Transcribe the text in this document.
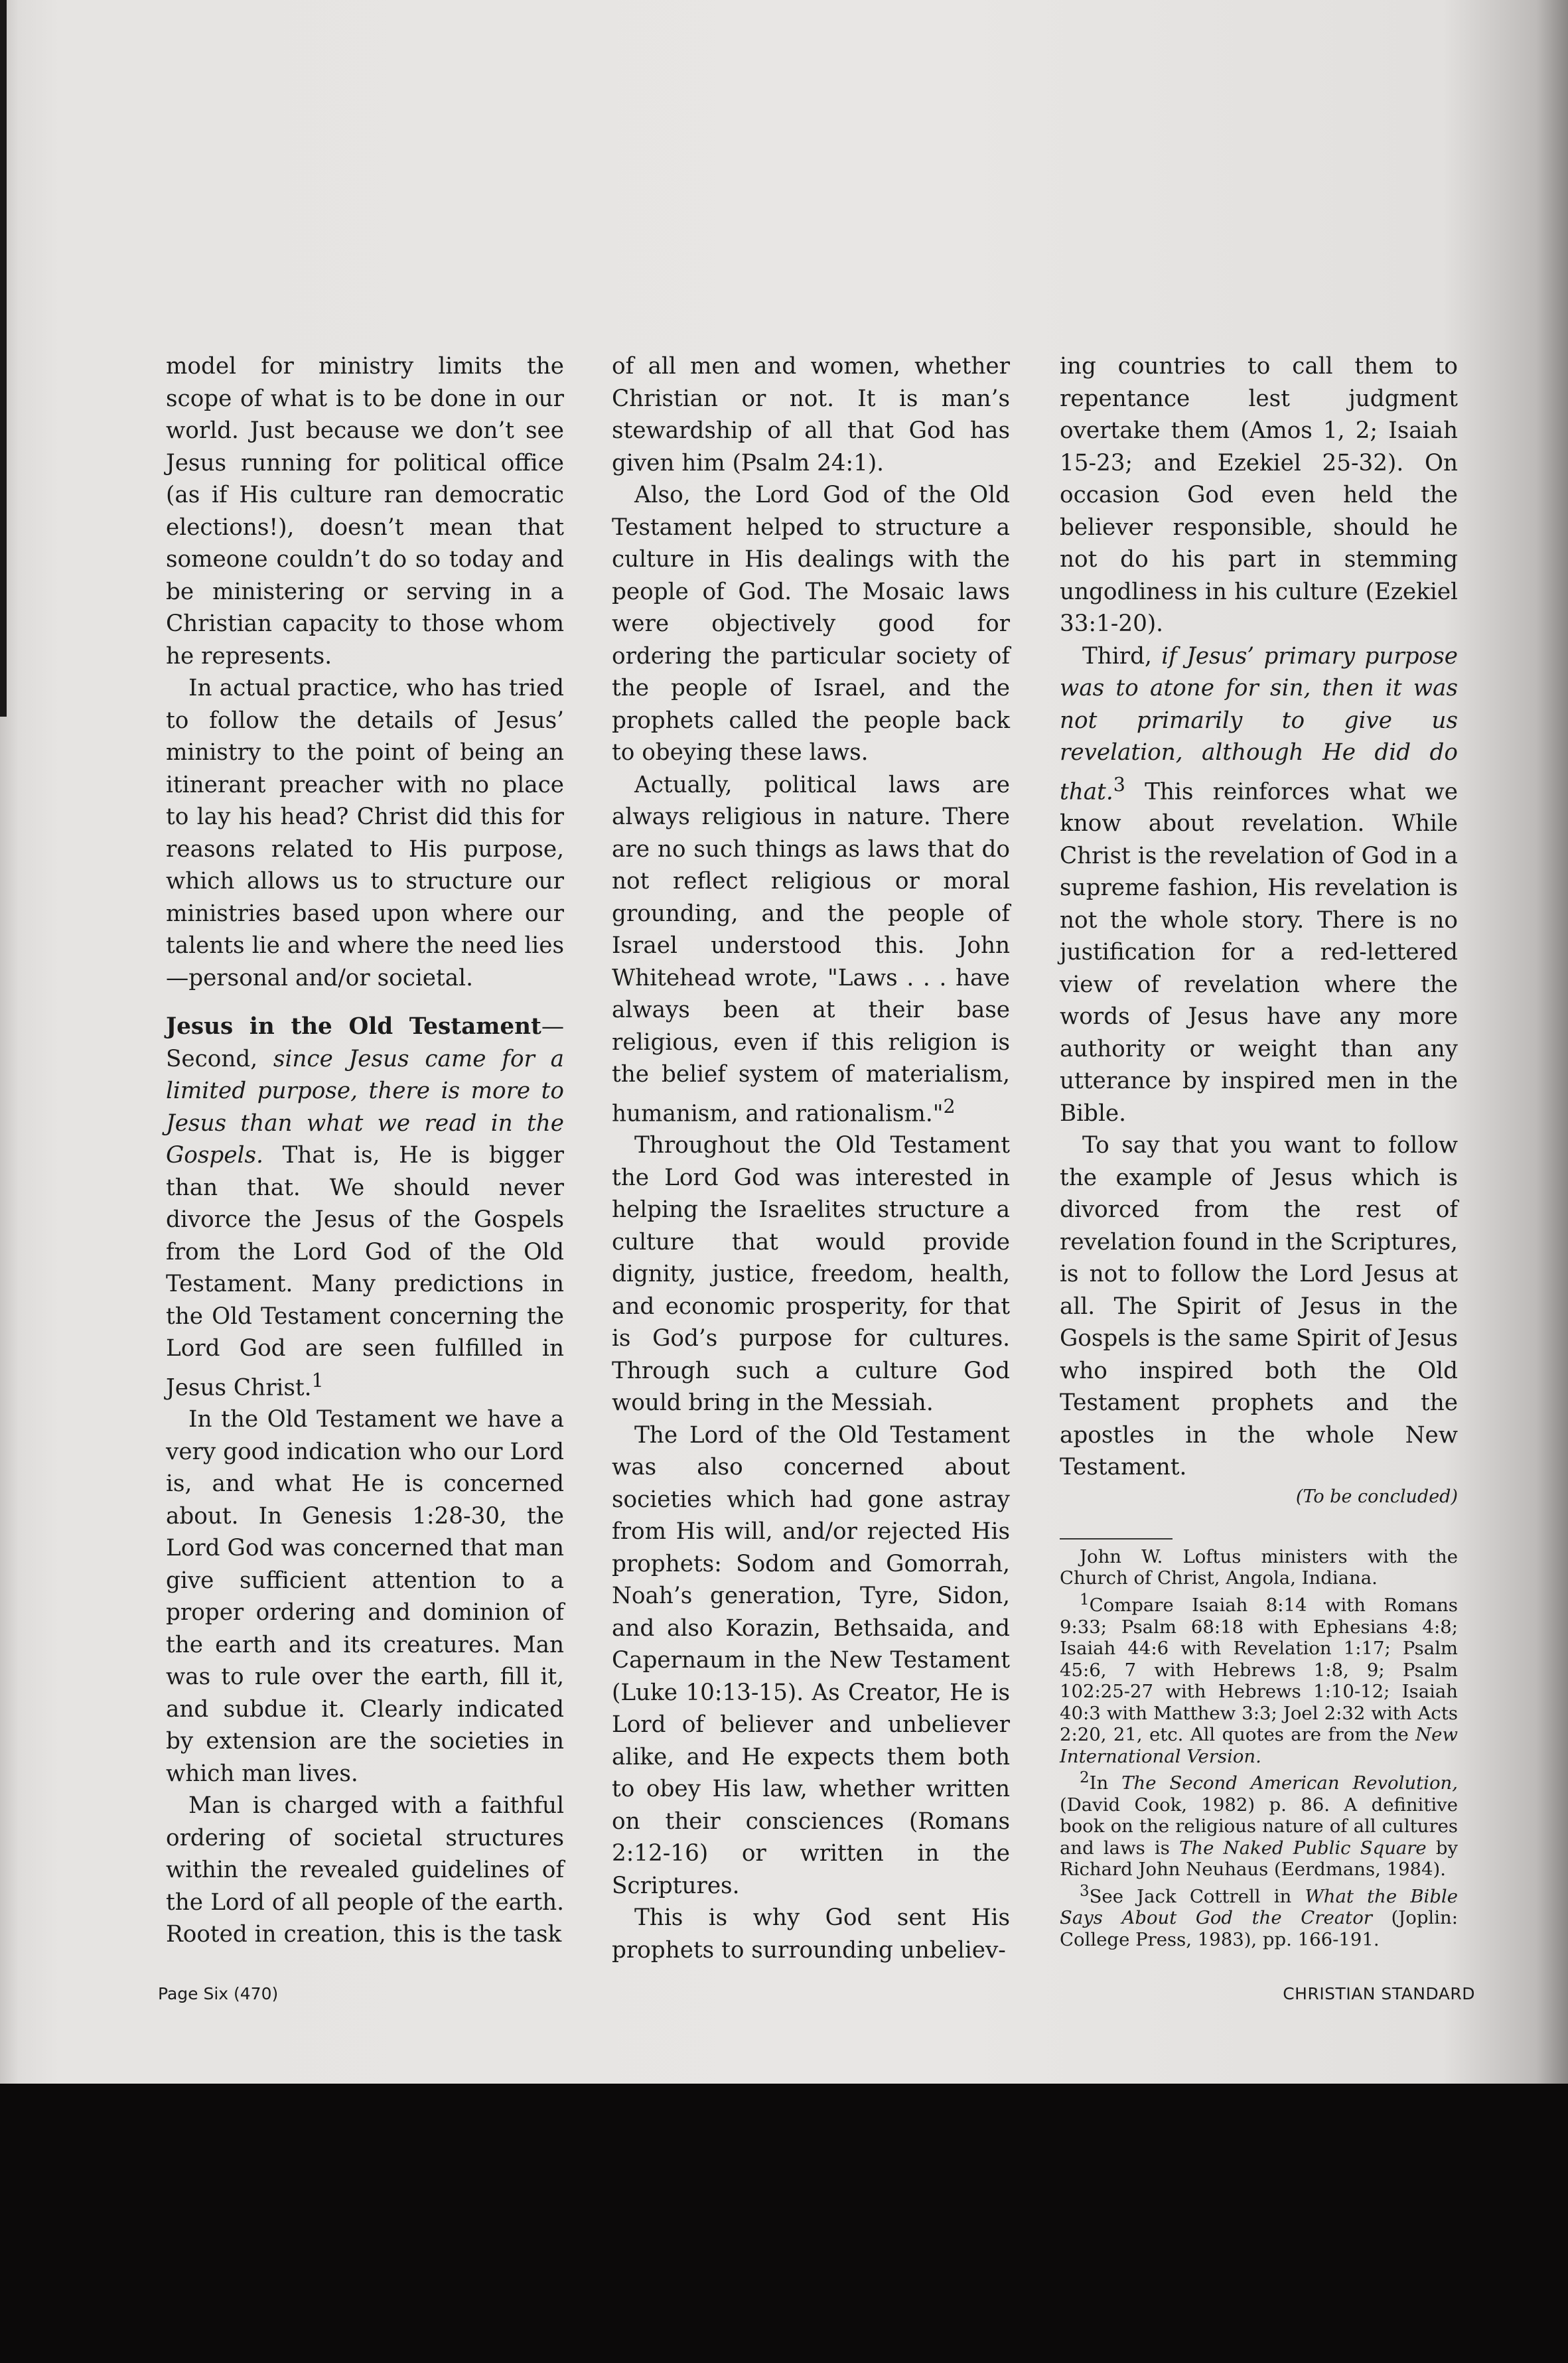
model for ministry limits the scope of what is to be done in our world. Just because we don’t see Jesus running for political office (as if His culture ran democratic elections!), doesn’t mean that someone couldn’t do so today and be ministering or serving in a Christian capacity to those whom he represents.

In actual practice, who has tried to follow the details of Jesus’ ministry to the point of being an itinerant preacher with no place to lay his head? Christ did this for reasons related to His purpose, which allows us to structure our ministries based upon where our talents lie and where the need lies—personal and/or societal.

Jesus in the Old Testament—Second, since Jesus came for a limited purpose, there is more to Jesus than what we read in the Gospels. That is, He is bigger than that. We should never divorce the Jesus of the Gospels from the Lord God of the Old Testament. Many predictions in the Old Testament concerning the Lord God are seen fulfilled in Jesus Christ.$^1$

In the Old Testament we have a very good indication who our Lord is, and what He is concerned about. In Genesis 1:28-30, the Lord God was concerned that man give sufficient attention to a proper ordering and dominion of the earth and its creatures. Man was to rule over the earth, fill it, and subdue it. Clearly indicated by extension are the societies in which man lives.

Man is charged with a faithful ordering of societal structures within the revealed guidelines of the Lord of all people of the earth. Rooted in creation, this is the task

of all men and women, whether Christian or not. It is man’s stewardship of all that God has given him (Psalm 24:1).

Also, the Lord God of the Old Testament helped to structure a culture in His dealings with the people of God. The Mosaic laws were objectively good for ordering the particular society of the people of Israel, and the prophets called the people back to obeying these laws.

Actually, political laws are always religious in nature. There are no such things as laws that do not reflect religious or moral grounding, and the people of Israel understood this. John Whitehead wrote, "Laws . . . have always been at their base religious, even if this religion is the belief system of materialism, humanism, and rationalism."$^2$

Throughout the Old Testament the Lord God was interested in helping the Israelites structure a culture that would provide dignity, justice, freedom, health, and economic prosperity, for that is God’s purpose for cultures. Through such a culture God would bring in the Messiah.

The Lord of the Old Testament was also concerned about societies which had gone astray from His will, and/or rejected His prophets: Sodom and Gomorrah, Noah’s generation, Tyre, Sidon, and also Korazin, Bethsaida, and Capernaum in the New Testament (Luke 10:13-15). As Creator, He is Lord of believer and unbeliever alike, and He expects them both to obey His law, whether written on their consciences (Romans 2:12-16) or written in the Scriptures.

This is why God sent His prophets to surrounding unbeliev-

ing countries to call them to repentance lest judgment overtake them (Amos 1, 2; Isaiah 15-23; and Ezekiel 25-32). On occasion God even held the believer responsible, should he not do his part in stemming ungodliness in his culture (Ezekiel 33:1-20).

Third, if Jesus’ primary purpose was to atone for sin, then it was not primarily to give us revelation, although He did do that.$^3$ This reinforces what we know about revelation. While Christ is the revelation of God in a supreme fashion, His revelation is not the whole story. There is no justification for a red-lettered view of revelation where the words of Jesus have any more authority or weight than any utterance by inspired men in the Bible.

To say that you want to follow the example of Jesus which is divorced from the rest of revelation found in the Scriptures, is not to follow the Lord Jesus at all. The Spirit of Jesus in the Gospels is the same Spirit of Jesus who inspired both the Old Testament prophets and the apostles in the whole New Testament.

(To be concluded)

John W. Loftus ministers with the Church of Christ, Angola, Indiana.

$^1$Compare Isaiah 8:14 with Romans 9:33; Psalm 68:18 with Ephesians 4:8; Isaiah 44:6 with Revelation 1:17; Psalm 45:6, 7 with Hebrews 1:8, 9; Psalm 102:25-27 with Hebrews 1:10-12; Isaiah 40:3 with Matthew 3:3; Joel 2:32 with Acts 2:20, 21, etc. All quotes are from the New International Version.

$^2$In The Second American Revolution, (David Cook, 1982) p. 86. A definitive book on the religious nature of all cultures and laws is The Naked Public Square by Richard John Neuhaus (Eerdmans, 1984).

$^3$See Jack Cottrell in What the Bible Says About God the Creator (Joplin: College Press, 1983), pp. 166-191.

Page Six (470)	CHRISTIAN STANDARD
